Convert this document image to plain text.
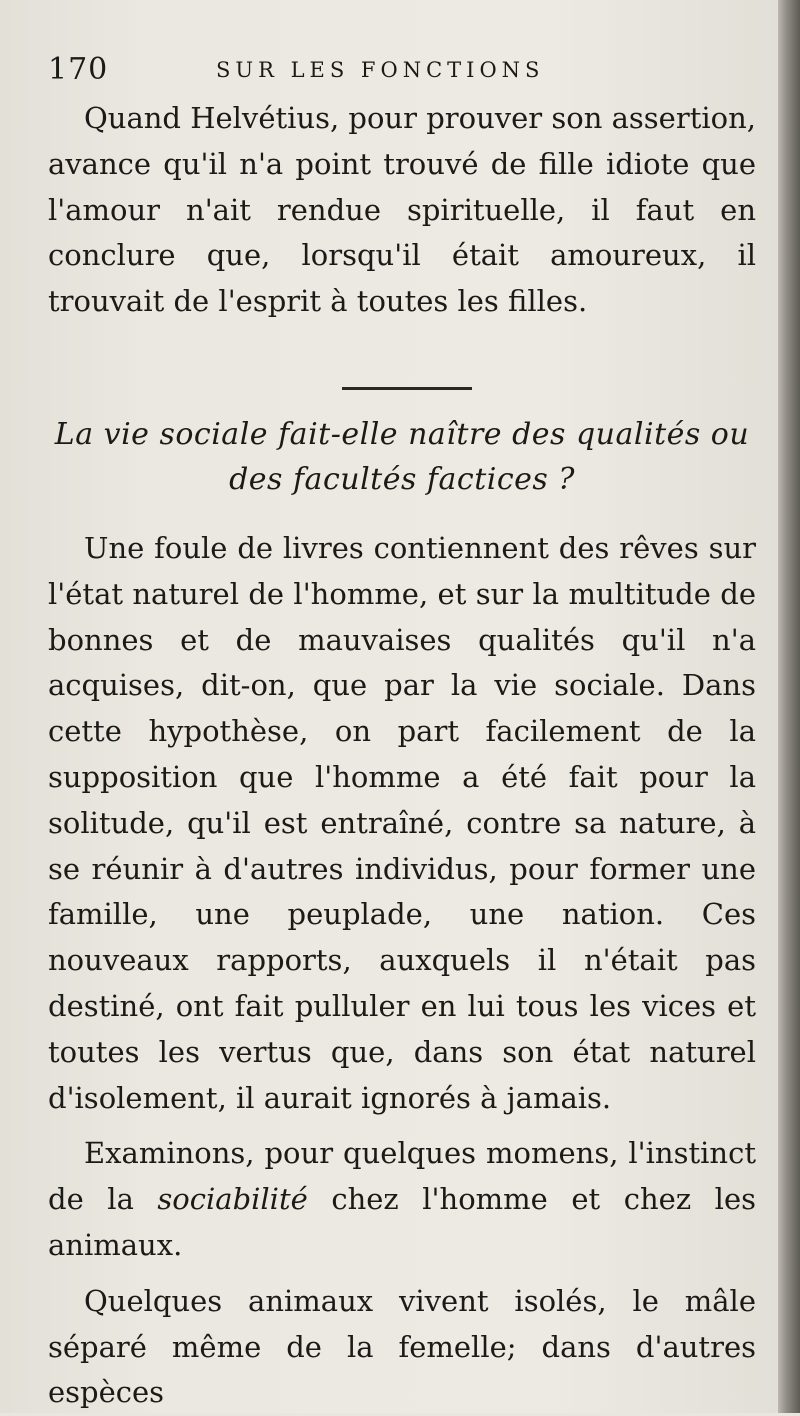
170	SUR LES FONCTIONS

Quand Helvétius, pour prouver son assertion, avance qu'il n'a point trouvé de fille idiote que l'amour n'ait rendue spirituelle, il faut en conclure que, lorsqu'il était amoureux, il trouvait de l'esprit à toutes les filles.

La vie sociale fait-elle naître des qualités ou
des facultés factices ?

Une foule de livres contiennent des rêves sur l'état naturel de l'homme, et sur la multitude de bonnes et de mauvaises qualités qu'il n'a acquises, dit-on, que par la vie sociale. Dans cette hypothèse, on part facilement de la supposition que l'homme a été fait pour la solitude, qu'il est entraîné, contre sa nature, à se réunir à d'autres individus, pour former une famille, une peuplade, une nation. Ces nouveaux rapports, auxquels il n'était pas destiné, ont fait pulluler en lui tous les vices et toutes les vertus que, dans son état naturel d'isolement, il aurait ignorés à jamais.

Examinons, pour quelques momens, l'instinct de la sociabilité chez l'homme et chez les animaux.

Quelques animaux vivent isolés, le mâle séparé même de la femelle; dans d'autres espèces
